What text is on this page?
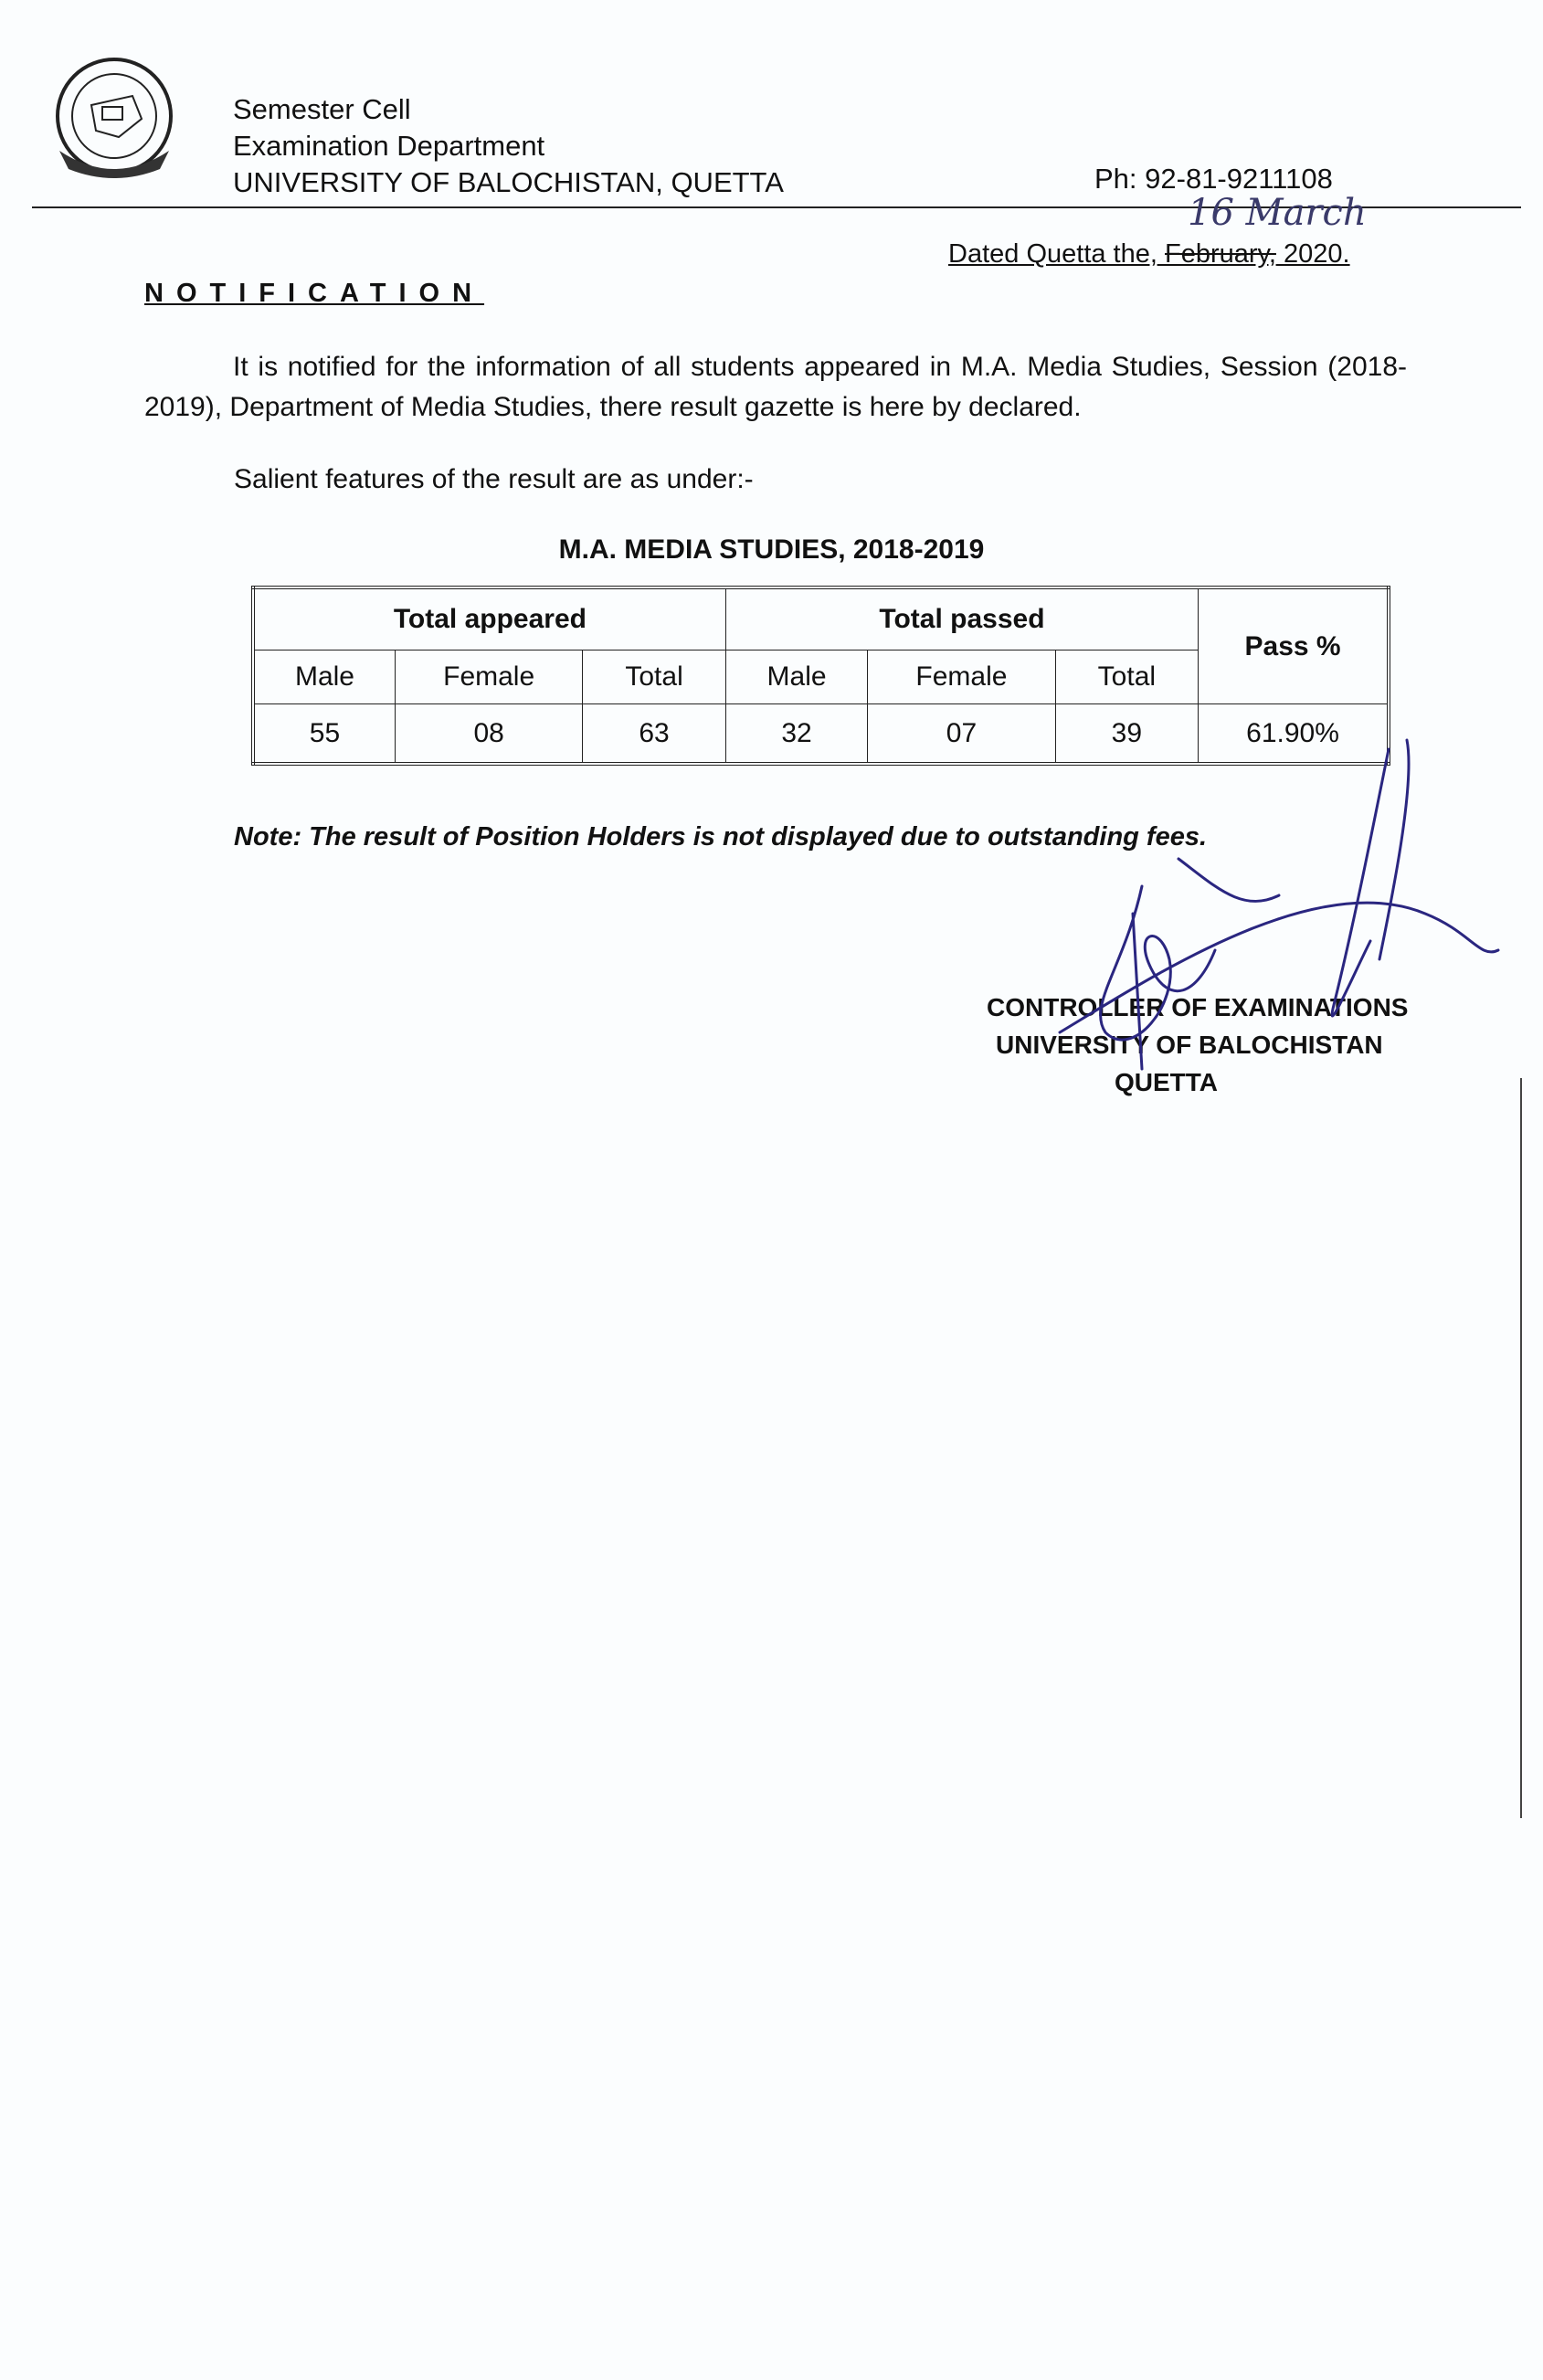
Semester Cell
Examination Department
UNIVERSITY OF BALOCHISTAN, QUETTA	Ph: 92-81-9211108
16 March
Dated Quetta the, February, 2020.
NOTIFICATION
It is notified for the information of all students appeared in M.A. Media Studies, Session (2018-2019), Department of Media Studies, there result gazette is here by declared.
Salient features of the result are as under:-
M.A. MEDIA STUDIES, 2018-2019
Total appeared			Total passed			Pass %
Male	Female	Total	Male	Female	Total	
55	08	63	32	07	39	61.90%
Note: The result of Position Holders is not displayed due to outstanding fees.
CONTROLLER OF EXAMINATIONS
UNIVERSITY OF BALOCHISTAN
QUETTA
